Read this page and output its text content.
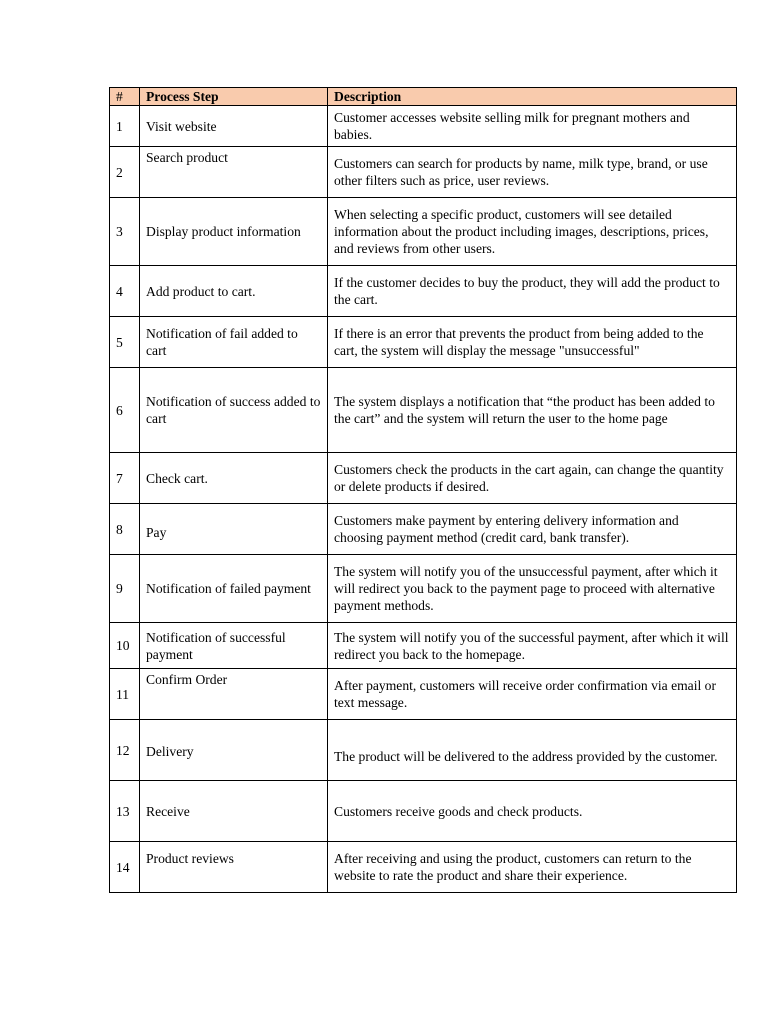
#	Process Step	Description
1	Visit website	Customer accesses website selling milk for pregnant mothers and babies.
2	Search product	Customers can search for products by name, milk type, brand, or use other filters such as price, user reviews.
3	Display product information	When selecting a specific product, customers will see detailed information about the product including images, descriptions, prices, and reviews from other users.
4	Add product to cart.	If the customer decides to buy the product, they will add the product to the cart.
5	Notification of fail added to cart	If there is an error that prevents the product from being added to the cart, the system will display the message "unsuccessful"
6	Notification of success added to cart	The system displays a notification that “the product has been added to the cart” and the system will return the user to the home page
7	Check cart.	Customers check the products in the cart again, can change the quantity or delete products if desired.
8	Pay	Customers make payment by entering delivery information and choosing payment method (credit card, bank transfer).
9	Notification of failed payment	The system will notify you of the unsuccessful payment, after which it will redirect you back to the payment page to proceed with alternative payment methods.
10	Notification of successful payment	The system will notify you of the successful payment, after which it will redirect you back to the homepage.
11	Confirm Order	After payment, customers will receive order confirmation via email or text message.
12	Delivery	The product will be delivered to the address provided by the customer.
13	Receive	Customers receive goods and check products.
14	Product reviews	After receiving and using the product, customers can return to the website to rate the product and share their experience.
